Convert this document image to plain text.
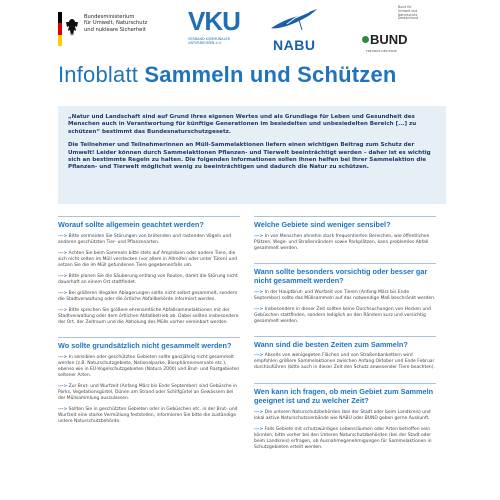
Bundesministerium
für Umwelt, Naturschutz
und nukleare Sicherheit VKU
VERBAND KOMMUNALER UNTERNEHMEN e.V.	NABU
Bund für Umwelt und Naturschutz Deutschland
BUND
FREUNDE DER ERDE
Infoblatt Sammeln und Schützen

„Natur und Landschaft sind auf Grund ihres eigenen Wertes und als Grundlage für Leben und Gesundheit des Menschen auch in Verantwortung für künftige Generationen im besiedelten und unbesiedelten Bereich [...] zu schützen“ bestimmt das Bundesnaturschutzgesetz.

Die Teilnehmer und Teilnehmerinnen an Müll-Sammelaktionen liefern einen wichtigen Beitrag zum Schutz der Umwelt! Leider können durch Sammelaktionen Pflanzen- und Tierwelt beeinträchtigt werden – daher ist es wichtig sich an bestimmte Regeln zu halten. Die folgenden Informationen sollen Ihnen helfen bei Ihrer Sammelaktion die Pflanzen- und Tierwelt möglichst wenig zu beeinträchtigen und dadurch die Natur zu schützen.

Worauf sollte allgemein geachtet werden?
---> Bitte vermeiden Sie Störungen von brütenden und rastenden Vögeln und anderen geschützten Tier- und Pflanzenarten.
---> Achten Sie beim Sammeln bitte stets auf Amphibien oder andere Tiere, die sich nicht selten im Müll verstecken (vor allem in Altreifen oder unter Tüten) und setzen Sie die im Müll gefundenen Tiere gegebenenfalls um.
---> Bitte planen Sie die Säuberung entlang von Routen, damit die Störung nicht dauerhaft an einem Ort stattfindet.
---> Bei größeren illegalen Ablagerungen sollte nicht selbst gesammelt, sondern die Stadtverwaltung oder die örtliche Abfallbehörde informiert werden.
---> Bitte sprechen Sie größere ehrenamtliche Abfallsammelaktionen mit der Stadtverwaltung oder dem örtlichen Abfallbetrieb ab. Dabei sollten insbesondere der Ort, der Zeitraum und die Abholung des Mülls vorher vereinbart werden.
Wo sollte grundsätzlich nicht gesammelt werden?
---> In sensiblen oder geschützten Gebieten sollte ganzjährig nicht gesammelt werden (z.B. Naturschutzgebiete, Nationalparke, Biosphärenreservate etc.), ebenso wie in EU-Vogelschutzgebieten (Natura 2000) und Brut- und Rastgebieten seltener Arten.
---> Zur Brut- und Wurfzeit (Anfang März bis Ende September) sind Gebüsche in Parks, Vegetationsgürtel, Dünen am Strand oder Schilfgürtel an Gewässern bei der Müllsammlung auszulassen.
---> Sollten Sie in geschützten Gebieten oder in Gebüschen etc. in der Brut- und Wurfzeit eine starke Vermüllung feststellen, informieren Sie bitte die zuständige untere Naturschutzbehörde.
Welche Gebiete sind weniger sensibel?
---> In von Menschen ohnehin stark frequentierten Bereichen, wie öffentlichen Plätzen, Wege- und Straßenrändern sowie Parkplätzen, kann problemlos Abfall gesammelt werden.
Wann sollte besonders vorsichtig oder besser gar nicht gesammelt werden?
---> In der Hauptbrut- und Wurfzeit von Tieren (Anfang März bis Ende September) sollte das Müllsammeln auf das notwendige Maß beschränkt werden.
---> Insbesondere in dieser Zeit sollten keine Durchsuchungen von Hecken und Gebüschen stattfinden, sondern lediglich an den Rändern kurz und vorsichtig gesammelt werden.
Wann sind die besten Zeiten zum Sammeln?
---> Abseits von wenigegeten Flächen und von Straßenbankettern wird empfohlen größere Sammelaktionen zwischen Anfang Oktober und Ende Februar durchzuführen (bitte auch in dieser Zeit den Schutz anwesender Tiere beachten).
Wen kann ich fragen, ob mein Gebiet zum Sammeln geeignet ist und zu welcher Zeit?
---> Die unteren Naturschutzbehörden (bei der Stadt oder beim Landkreis) und lokal aktive Naturschutzverbände wie NABU oder BUND geben gerne Auskunft.
---> Falls Gebiete mit schutzwürdigen Lebensräumen oder Arten betroffen sein könnten, bitte vorher bei den Unteren Naturschutzbehörden (bei der Stadt oder beim Landkreis) erfragen, ob Ausnahmegenehmigungen für Sammelaktionen in Schutzgebieten erteilt werden.
